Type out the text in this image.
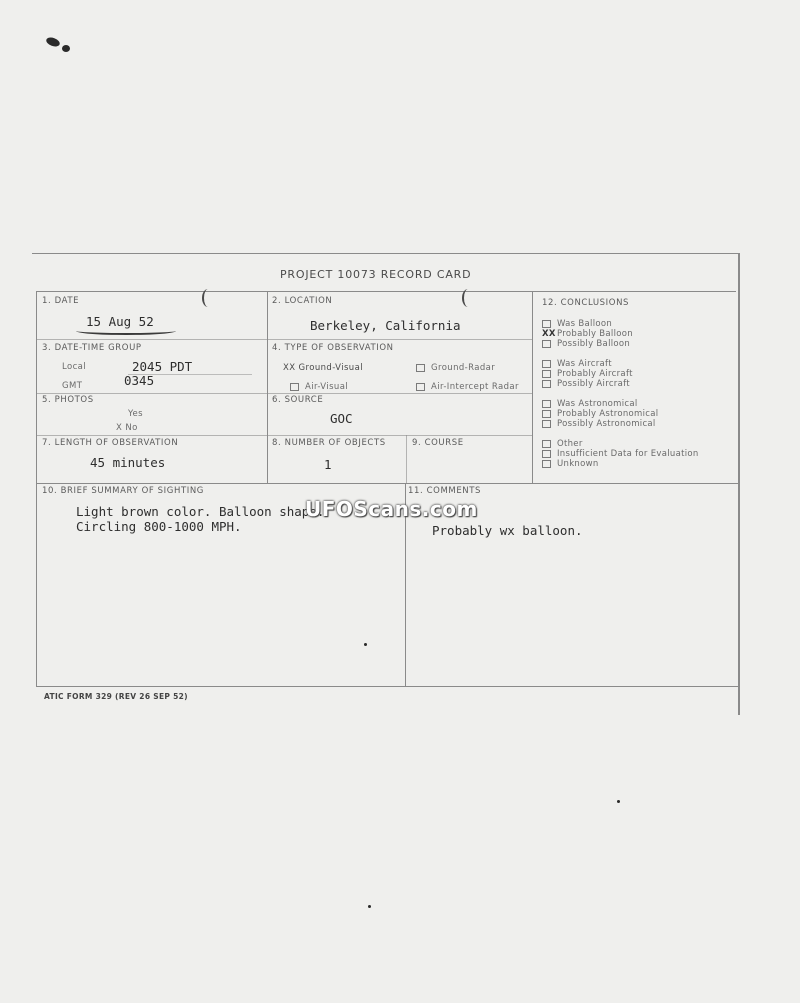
PROJECT 10073 RECORD CARD
1. DATE
15 Aug 52
2. LOCATION
Berkeley, California
3. DATE-TIME GROUP
Local	2045 PDT
GMT	0345
4. TYPE OF OBSERVATION
XX Ground-Visual	Ground-Radar
Air-Visual	Air-Intercept Radar
5. PHOTOS
Yes
X No
6. SOURCE
GOC
7. LENGTH OF OBSERVATION
45 minutes
8. NUMBER OF OBJECTS
1
9. COURSE
10. BRIEF SUMMARY OF SIGHTING
Light brown color. Balloon shape.
Circling 800-1000 MPH.
11. COMMENTS
Probably wx balloon.
12. CONCLUSIONS
Was Balloon
XXProbably Balloon
Possibly Balloon
Was Aircraft
Probably Aircraft
Possibly Aircraft
Was Astronomical
Probably Astronomical
Possibly Astronomical
Other
Insufficient Data for Evaluation
Unknown
ATIC FORM 329 (REV 26 SEP 52)
UFOScans.com
